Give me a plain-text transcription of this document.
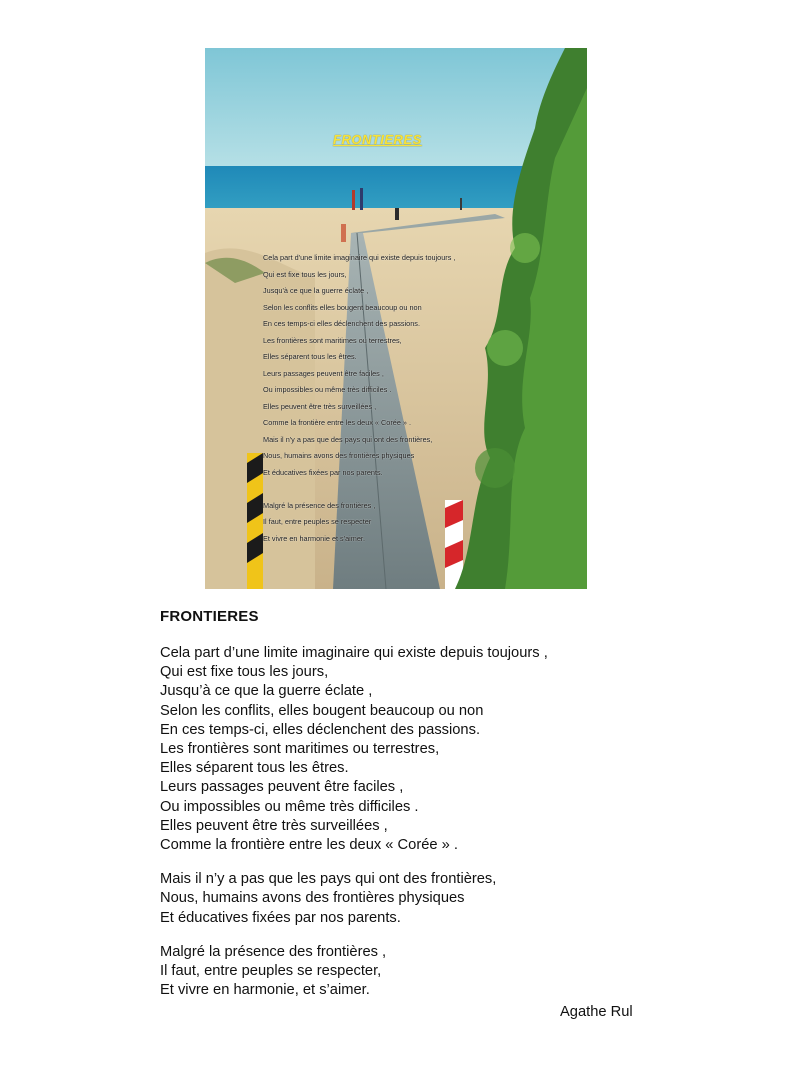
FRONTIERES
Cela part d'une limite imaginaire qui existe depuis toujours ,
Qui est fixe tous les jours,
Jusqu'à ce que la guerre éclate ,
Selon les conflits elles bougent beaucoup ou non
En ces temps-ci elles déclenchent des passions.
Les frontières sont maritimes ou terrestres,
Elles séparent tous les êtres.
Leurs passages peuvent être faciles ,
Ou impossibles ou même très difficiles .
Elles peuvent être très surveillées ,
Comme la frontière entre les deux « Corée » .
Mais il n'y a pas que des pays qui ont des frontières,
Nous, humains avons des frontières physiques
Et éducatives fixées par nos parents.
Malgré la présence des frontières ,
Il faut, entre peuples se respecter
Et vivre en harmonie et s'aimer.
FRONTIERES
Cela part d’une limite imaginaire qui existe depuis toujours ,
Qui est fixe tous les jours,
Jusqu’à ce que la guerre éclate ,
Selon les conflits, elles bougent beaucoup ou non
En ces temps-ci, elles déclenchent des passions.
Les frontières sont maritimes ou terrestres,
Elles séparent tous les êtres.
Leurs passages peuvent être faciles ,
Ou impossibles ou même très difficiles .
Elles peuvent être très surveillées ,
Comme la frontière entre les deux « Corée » .
Mais il n’y a pas que les pays qui ont des frontières,
Nous, humains avons des frontières physiques
Et éducatives fixées par nos parents.
Malgré la présence des frontières ,
Il faut, entre peuples se respecter,
Et vivre en harmonie, et s’aimer.
Agathe Rul
